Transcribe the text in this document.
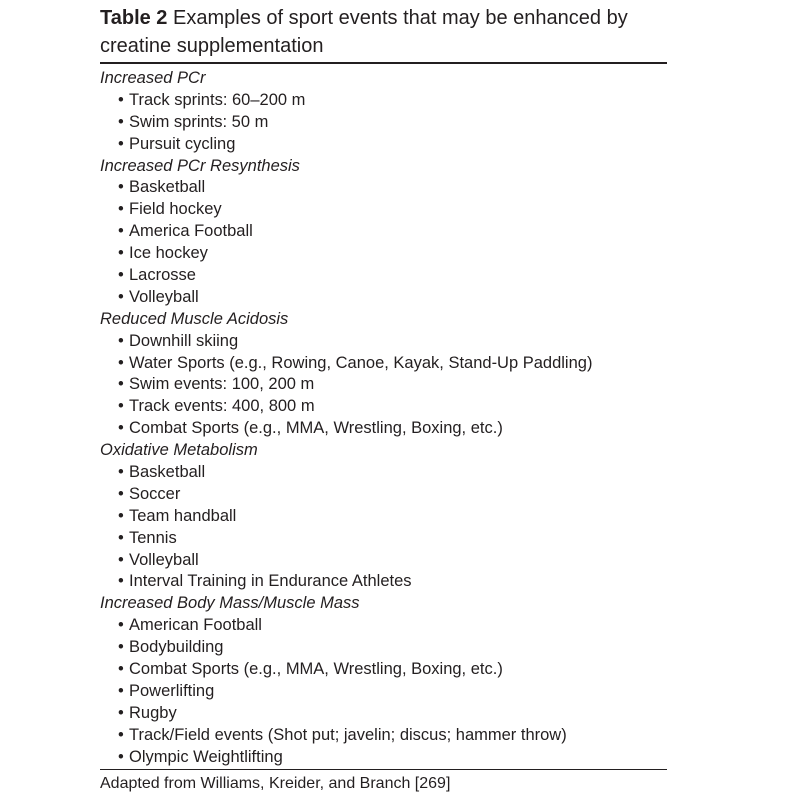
Table 2 Examples of sport events that may be enhanced by creatine supplementation

Increased PCr
• Track sprints: 60–200 m
• Swim sprints: 50 m
• Pursuit cycling
Increased PCr Resynthesis
• Basketball
• Field hockey
• America Football
• Ice hockey
• Lacrosse
• Volleyball
Reduced Muscle Acidosis
• Downhill skiing
• Water Sports (e.g., Rowing, Canoe, Kayak, Stand-Up Paddling)
• Swim events: 100, 200 m
• Track events: 400, 800 m
• Combat Sports (e.g., MMA, Wrestling, Boxing, etc.)
Oxidative Metabolism
• Basketball
• Soccer
• Team handball
• Tennis
• Volleyball
• Interval Training in Endurance Athletes
Increased Body Mass/Muscle Mass
• American Football
• Bodybuilding
• Combat Sports (e.g., MMA, Wrestling, Boxing, etc.)
• Powerlifting
• Rugby
• Track/Field events (Shot put; javelin; discus; hammer throw)
• Olympic Weightlifting
Adapted from Williams, Kreider, and Branch [269]
